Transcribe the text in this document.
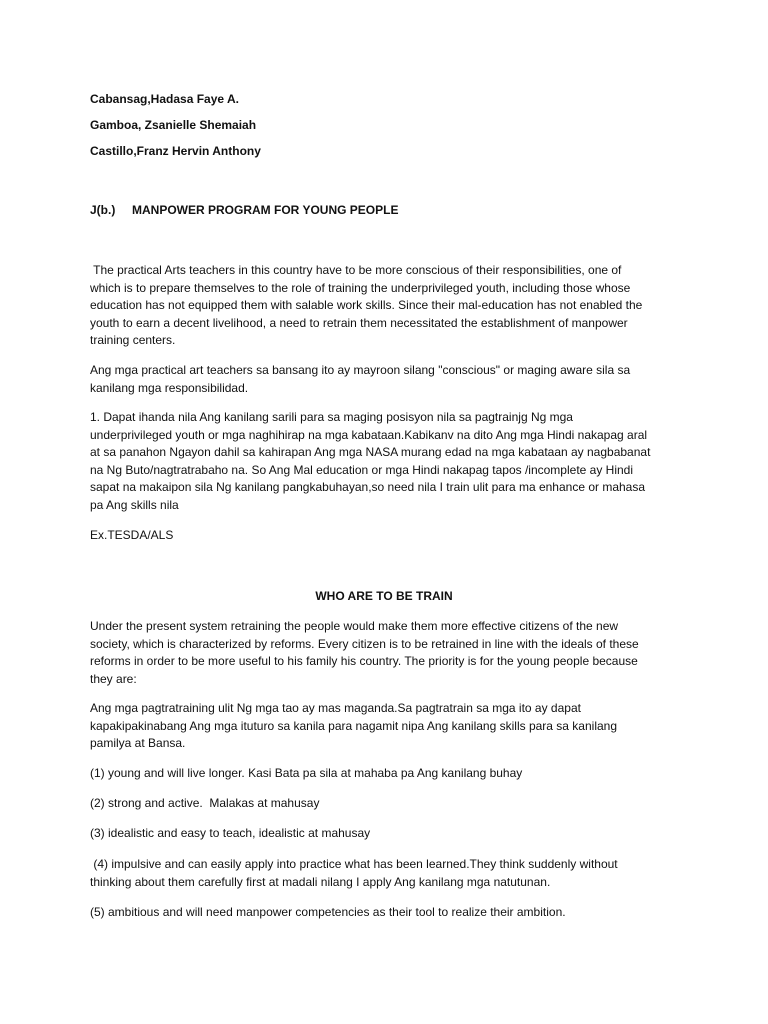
Cabansag,Hadasa Faye A.

Gamboa, Zsanielle Shemaiah

Castillo,Franz Hervin Anthony

J(b.) MANPOWER PROGRAM FOR YOUNG PEOPLE
The practical Arts teachers in this country have to be more conscious of their responsibilities, one of
which is to prepare themselves to the role of training the underprivileged youth, including those whose
education has not equipped them with salable work skills. Since their mal-education has not enabled the
youth to earn a decent livelihood, a need to retrain them necessitated the establishment of manpower
training centers.
Ang mga practical art teachers sa bansang ito ay mayroon silang "conscious" or maging aware sila sa
kanilang mga responsibilidad.
1. Dapat ihanda nila Ang kanilang sarili para sa maging posisyon nila sa pagtrainjg Ng mga
underprivileged youth or mga naghihirap na mga kabataan.Kabikanv na dito Ang mga Hindi nakapag aral
at sa panahon Ngayon dahil sa kahirapan Ang mga NASA murang edad na mga kabataan ay nagbabanat
na Ng Buto/nagtratrabaho na. So Ang Mal education or mga Hindi nakapag tapos /incomplete ay Hindi
sapat na makaipon sila Ng kanilang pangkabuhayan,so need nila I train ulit para ma enhance or mahasa
pa Ang skills nila

Ex.TESDA/ALS

WHO ARE TO BE TRAIN
Under the present system retraining the people would make them more effective citizens of the new
society, which is characterized by reforms. Every citizen is to be retrained in line with the ideals of these
reforms in order to be more useful to his family his country. The priority is for the young people because
they are:
Ang mga pagtratraining ulit Ng mga tao ay mas maganda.Sa pagtratrain sa mga ito ay dapat
kapakipakinabang Ang mga ituturo sa kanila para nagamit nipa Ang kanilang skills para sa kanilang
pamilya at Bansa.
(1) young and will live longer. Kasi Bata pa sila at mahaba pa Ang kanilang buhay
(2) strong and active.  Malakas at mahusay
(3) idealistic and easy to teach, idealistic at mahusay
(4) impulsive and can easily apply into practice what has been learned.They think suddenly without
thinking about them carefully first at madali nilang I apply Ang kanilang mga natutunan.
(5) ambitious and will need manpower competencies as their tool to realize their ambition.
